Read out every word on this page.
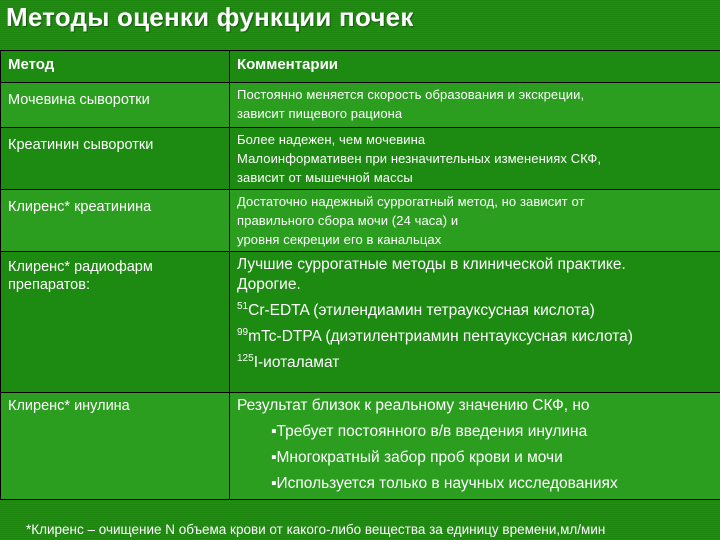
Методы оценки функции почек
Метод	Комментарии

Мочевина сыворотки	Постоянно меняется скорость образования и экскреции,
зависит пищевого рациона

Креатинин сыворотки	Более надежен, чем мочевина
Малоинформативен при незначительных изменениях СКФ,
зависит от мышечной массы

Клиренс* креатинина	Достаточно надежный суррогатный метод, но зависит от
правильного сбора мочи (24 часа) и
уровня секреции его в канальцах

Клиренс* радиофарм
препаратов:	Лучшие суррогатные методы в клинической практике.
Дорогие.
$^{51}$Cr-EDTA (этилендиамин тетрауксусная кислота)
$^{99}$mTc-DTPA (диэтилентриамин пентауксусная кислота)
$^{125}$I-иоталамат

Клиренс* инулина	Результат близок к реальному значению СКФ, но
▪Требует постоянного в/в введения инулина
▪Многократный забор проб крови и мочи
▪Используется только в научных исследованиях
*Клиренс – очищение N объема крови от какого-либо вещества за единицу времени,мл/мин
